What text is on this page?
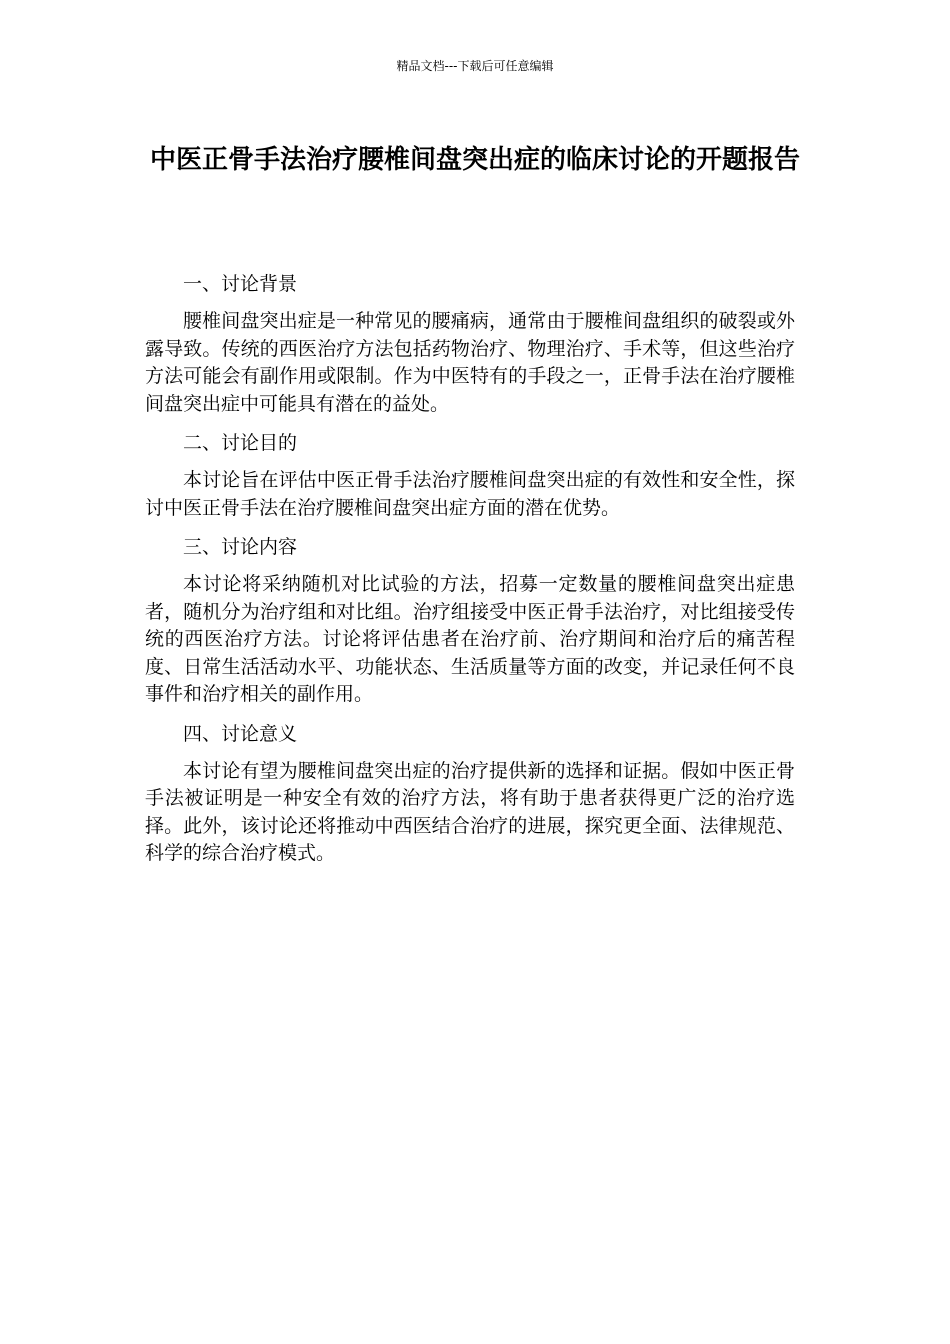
精品文档---下载后可任意编辑
中医正骨手法治疗腰椎间盘突出症的临床讨论的开题报告
一、讨论背景

腰椎间盘突出症是一种常见的腰痛病，通常由于腰椎间盘组织的破裂或外露导致。传统的西医治疗方法包括药物治疗、物理治疗、手术等，但这些治疗方法可能会有副作用或限制。作为中医特有的手段之一，正骨手法在治疗腰椎间盘突出症中可能具有潜在的益处。

二、讨论目的

本讨论旨在评估中医正骨手法治疗腰椎间盘突出症的有效性和安全性，探讨中医正骨手法在治疗腰椎间盘突出症方面的潜在优势。

三、讨论内容

本讨论将采纳随机对比试验的方法，招募一定数量的腰椎间盘突出症患者，随机分为治疗组和对比组。治疗组接受中医正骨手法治疗，对比组接受传统的西医治疗方法。讨论将评估患者在治疗前、治疗期间和治疗后的痛苦程度、日常生活活动水平、功能状态、生活质量等方面的改变，并记录任何不良事件和治疗相关的副作用。

四、讨论意义

本讨论有望为腰椎间盘突出症的治疗提供新的选择和证据。假如中医正骨手法被证明是一种安全有效的治疗方法，将有助于患者获得更广泛的治疗选择。此外，该讨论还将推动中西医结合治疗的进展，探究更全面、法律规范、科学的综合治疗模式。
